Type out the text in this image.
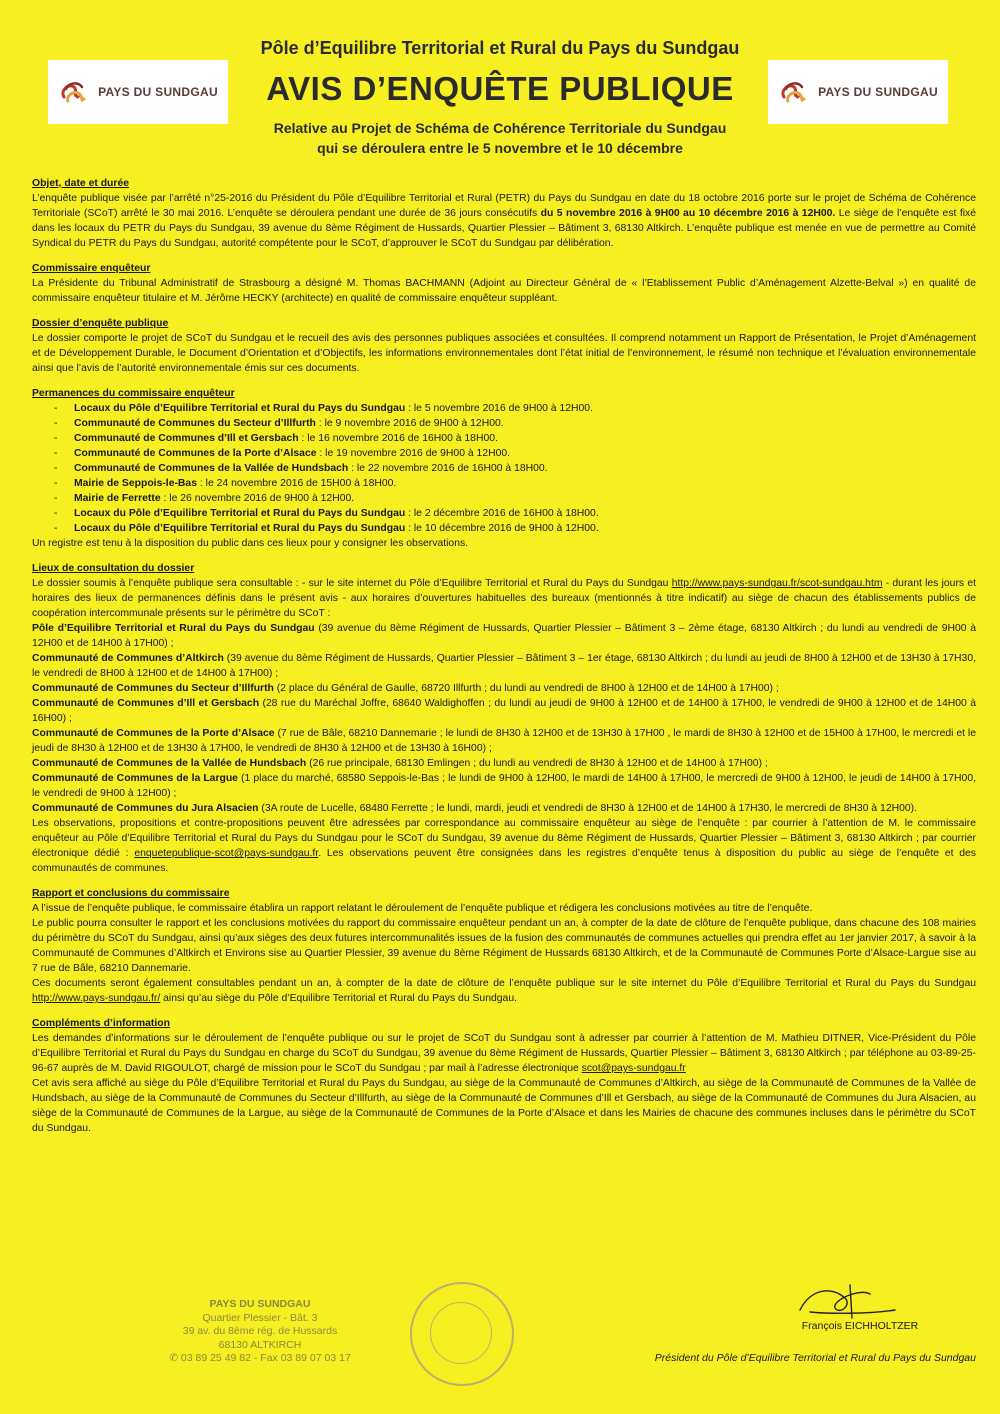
PAYS DU SUNDGAU	PAYS DU SUNDGAU
Pôle d’Equilibre Territorial et Rural du Pays du Sundgau
AVIS D’ENQUÊTE PUBLIQUE
Relative au Projet de Schéma de Cohérence Territoriale du Sundgau
qui se déroulera entre le 5 novembre et le 10 décembre
Objet, date et durée

L’enquête publique visée par l’arrêté n°25-2016 du Président du Pôle d’Equilibre Territorial et Rural (PETR) du Pays du Sundgau en date du 18 octobre 2016 porte sur le projet de Schéma de Cohérence Territoriale (SCoT) arrêté le 30 mai 2016. L’enquête se déroulera pendant une durée de 36 jours consécutifs du 5 novembre 2016 à 9H00 au 10 décembre 2016 à 12H00. Le siège de l’enquête est fixé dans les locaux du PETR du Pays du Sundgau, 39 avenue du 8ème Régiment de Hussards, Quartier Plessier – Bâtiment 3, 68130 Altkirch. L’enquête publique est menée en vue de permettre au Comité Syndical du PETR du Pays du Sundgau, autorité compétente pour le SCoT, d’approuver le SCoT du Sundgau par délibération.

Commissaire enquêteur

La Présidente du Tribunal Administratif de Strasbourg a désigné M. Thomas BACHMANN (Adjoint au Directeur Général de « l’Etablissement Public d’Aménagement Alzette-Belval ») en qualité de commissaire enquêteur titulaire et M. Jérôme HECKY (architecte) en qualité de commissaire enquêteur suppléant.

Dossier d’enquête publique

Le dossier comporte le projet de SCoT du Sundgau et le recueil des avis des personnes publiques associées et consultées. Il comprend notamment un Rapport de Présentation, le Projet d’Aménagement et de Développement Durable, le Document d’Orientation et d’Objectifs, les informations environnementales dont l’état initial de l’environnement, le résumé non technique et l’évaluation environnementale ainsi que l’avis de l’autorité environnementale émis sur ces documents.

Permanences du commissaire enquêteur
- Locaux du Pôle d’Equilibre Territorial et Rural du Pays du Sundgau : le 5 novembre 2016 de 9H00 à 12H00.
- Communauté de Communes du Secteur d’Illfurth : le 9 novembre 2016 de 9H00 à 12H00.
- Communauté de Communes d’Ill et Gersbach : le 16 novembre 2016 de 16H00 à 18H00.
- Communauté de Communes de la Porte d’Alsace : le 19 novembre 2016 de 9H00 à 12H00.
- Communauté de Communes de la Vallée de Hundsbach : le 22 novembre 2016 de 16H00 à 18H00.
- Mairie de Seppois-le-Bas : le 24 novembre 2016 de 15H00 à 18H00.
- Mairie de Ferrette : le 26 novembre 2016 de 9H00 à 12H00.
- Locaux du Pôle d’Equilibre Territorial et Rural du Pays du Sundgau : le 2 décembre 2016 de 16H00 à 18H00.
- Locaux du Pôle d’Equilibre Territorial et Rural du Pays du Sundgau : le 10 décembre 2016 de 9H00 à 12H00.

Un registre est tenu à la disposition du public dans ces lieux pour y consigner les observations.

Lieux de consultation du dossier

Le dossier soumis à l’enquête publique sera consultable : - sur le site internet du Pôle d’Equilibre Territorial et Rural du Pays du Sundgau http://www.pays-sundgau.fr/scot-sundgau.htm - durant les jours et horaires des lieux de permanences définis dans le présent avis - aux horaires d’ouvertures habituelles des bureaux (mentionnés à titre indicatif) au siège de chacun des établissements publics de coopération intercommunale présents sur le périmètre du SCoT :

Pôle d’Equilibre Territorial et Rural du Pays du Sundgau (39 avenue du 8ème Régiment de Hussards, Quartier Plessier – Bâtiment 3 – 2ème étage, 68130 Altkirch ; du lundi au vendredi de 9H00 à 12H00 et de 14H00 à 17H00) ;

Communauté de Communes d’Altkirch (39 avenue du 8ème Régiment de Hussards, Quartier Plessier – Bâtiment 3 – 1er étage, 68130 Altkirch ; du lundi au jeudi de 8H00 à 12H00 et de 13H30 à 17H30, le vendredi de 8H00 à 12H00 et de 14H00 à 17H00) ;

Communauté de Communes du Secteur d’Illfurth (2 place du Général de Gaulle, 68720 Illfurth ; du lundi au vendredi de 8H00 à 12H00 et de 14H00 à 17H00) ;

Communauté de Communes d’Ill et Gersbach (28 rue du Maréchal Joffre, 68640 Waldighoffen ; du lundi au jeudi de 9H00 à 12H00 et de 14H00 à 17H00, le vendredi de 9H00 à 12H00 et de 14H00 à 16H00) ;

Communauté de Communes de la Porte d’Alsace (7 rue de Bâle, 68210 Dannemarie ; le lundi de 8H30 à 12H00 et de 13H30 à 17H00 , le mardi de 8H30 à 12H00 et de 15H00 à 17H00, le mercredi et le jeudi de 8H30 à 12H00 et de 13H30 à 17H00, le vendredi de 8H30 à 12H00 et de 13H30 à 16H00) ;

Communauté de Communes de la Vallée de Hundsbach (26 rue principale, 68130 Emlingen ; du lundi au vendredi de 8H30 à 12H00 et de 14H00 à 17H00) ;

Communauté de Communes de la Largue (1 place du marché, 68580 Seppois-le-Bas ; le lundi de 9H00 à 12H00, le mardi de 14H00 à 17H00, le mercredi de 9H00 à 12H00, le jeudi de 14H00 à 17H00, le vendredi de 9H00 à 12H00) ;

Communauté de Communes du Jura Alsacien (3A route de Lucelle, 68480 Ferrette ; le lundi, mardi, jeudi et vendredi de 8H30 à 12H00 et de 14H00 à 17H30, le mercredi de 8H30 à 12H00).

Les observations, propositions et contre-propositions peuvent être adressées par correspondance au commissaire enquêteur au siège de l’enquête : par courrier à l’attention de M. le commissaire enquêteur au Pôle d’Equilibre Territorial et Rural du Pays du Sundgau pour le SCoT du Sundgau, 39 avenue du 8ème Régiment de Hussards, Quartier Plessier – Bâtiment 3, 68130 Altkirch ; par courrier électronique dédié : enquetepublique-scot@pays-sundgau.fr. Les observations peuvent être consignées dans les registres d’enquête tenus à disposition du public au siège de l’enquête et des communautés de communes.

Rapport et conclusions du commissaire

A l’issue de l’enquête publique, le commissaire établira un rapport relatant le déroulement de l’enquête publique et rédigera les conclusions motivées au titre de l’enquête.

Le public pourra consulter le rapport et les conclusions motivées du rapport du commissaire enquêteur pendant un an, à compter de la date de clôture de l’enquête publique, dans chacune des 108 mairies du périmètre du SCoT du Sundgau, ainsi qu’aux sièges des deux futures intercommunalités issues de la fusion des communautés de communes actuelles qui prendra effet au 1er janvier 2017, à savoir à la Communauté de Communes d’Altkirch et Environs sise au Quartier Plessier, 39 avenue du 8ème Régiment de Hussards 68130 Altkirch, et de la Communauté de Communes Porte d’Alsace-Largue sise au 7 rue de Bâle, 68210 Dannemarie.

Ces documents seront également consultables pendant un an, à compter de la date de clôture de l’enquête publique sur le site internet du Pôle d’Equilibre Territorial et Rural du Pays du Sundgau http://www.pays-sundgau.fr/ ainsi qu’au siège du Pôle d’Equilibre Territorial et Rural du Pays du Sundgau.

Compléments d’information

Les demandes d’informations sur le déroulement de l’enquête publique ou sur le projet de SCoT du Sundgau sont à adresser par courrier à l’attention de M. Mathieu DITNER, Vice-Président du Pôle d’Equilibre Territorial et Rural du Pays du Sundgau en charge du SCoT du Sundgau, 39 avenue du 8ème Régiment de Hussards, Quartier Plessier – Bâtiment 3, 68130 Altkirch ; par téléphone au 03-89-25-96-67 auprès de M. David RIGOULOT, chargé de mission pour le SCoT du Sundgau ; par mail à l’adresse électronique scot@pays-sundgau.fr

Cet avis sera affiché au siège du Pôle d’Equilibre Territorial et Rural du Pays du Sundgau, au siège de la Communauté de Communes d’Altkirch, au siège de la Communauté de Communes de la Vallée de Hundsbach, au siège de la Communauté de Communes du Secteur d’Illfurth, au siège de la Communauté de Communes d’Ill et Gersbach, au siège de la Communauté de Communes du Jura Alsacien, au siège de la Communauté de Communes de la Largue, au siège de la Communauté de Communes de la Porte d’Alsace et dans les Mairies de chacune des communes incluses dans le périmètre du SCoT du Sundgau.

PAYS DU SUNDGAU
Quartier Plessier - Bât. 3
39 av. du 8ème rég. de Hussards
68130 ALTKIRCH
✆ 03 89 25 49 82 - Fax 03 89 07 03 17
François EICHHOLTZER
Président du Pôle d’Equilibre Territorial et Rural du Pays du Sundgau
